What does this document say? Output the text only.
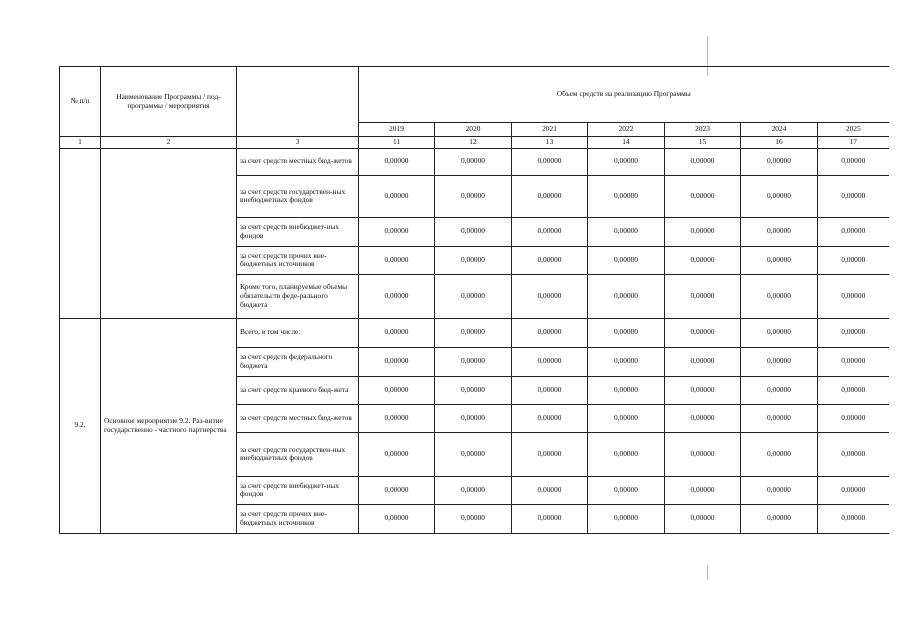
№ п/п	Наименование Программы / под-программы / мероприятия		Объем средств на реализацию Программы						
			2019	2020	2021	2022	2023	2024	2025
1	2	3	11	12	13	14	15	16	17
		за счет средств местных бюд-жетов	0,00000	0,00000	0,00000	0,00000	0,00000	0,00000	0,00000
		за счет средств государствен-ных внебюджетных фондов	0,00000	0,00000	0,00000	0,00000	0,00000	0,00000	0,00000
		за счет средств внебюджет-ных фондов	0,00000	0,00000	0,00000	0,00000	0,00000	0,00000	0,00000
		за счет средств прочих вне-бюджетных источников	0,00000	0,00000	0,00000	0,00000	0,00000	0,00000	0,00000
		Кроме того, планируемые объемы обязательств феде-рального бюджета	0,00000	0,00000	0,00000	0,00000	0,00000	0,00000	0,00000
9.2.	Основное мероприятие 9.2. Раз-витие государственно - частного партнерства	Всего, в том числе:	0,00000	0,00000	0,00000	0,00000	0,00000	0,00000	0,00000
		за счет средств федерального бюджета	0,00000	0,00000	0,00000	0,00000	0,00000	0,00000	0,00000
		за счет средств краевого бюд-жета	0,00000	0,00000	0,00000	0,00000	0,00000	0,00000	0,00000
		за счет средств местных бюд-жетов	0,00000	0,00000	0,00000	0,00000	0,00000	0,00000	0,00000
		за счет средств государствен-ных внебюджетных фондов	0,00000	0,00000	0,00000	0,00000	0,00000	0,00000	0,00000
		за счет средств внебюджет-ных фондов	0,00000	0,00000	0,00000	0,00000	0,00000	0,00000	0,00000
		за счет средств прочих вне-бюджетных источников	0,00000	0,00000	0,00000	0,00000	0,00000	0,00000	0,00000
